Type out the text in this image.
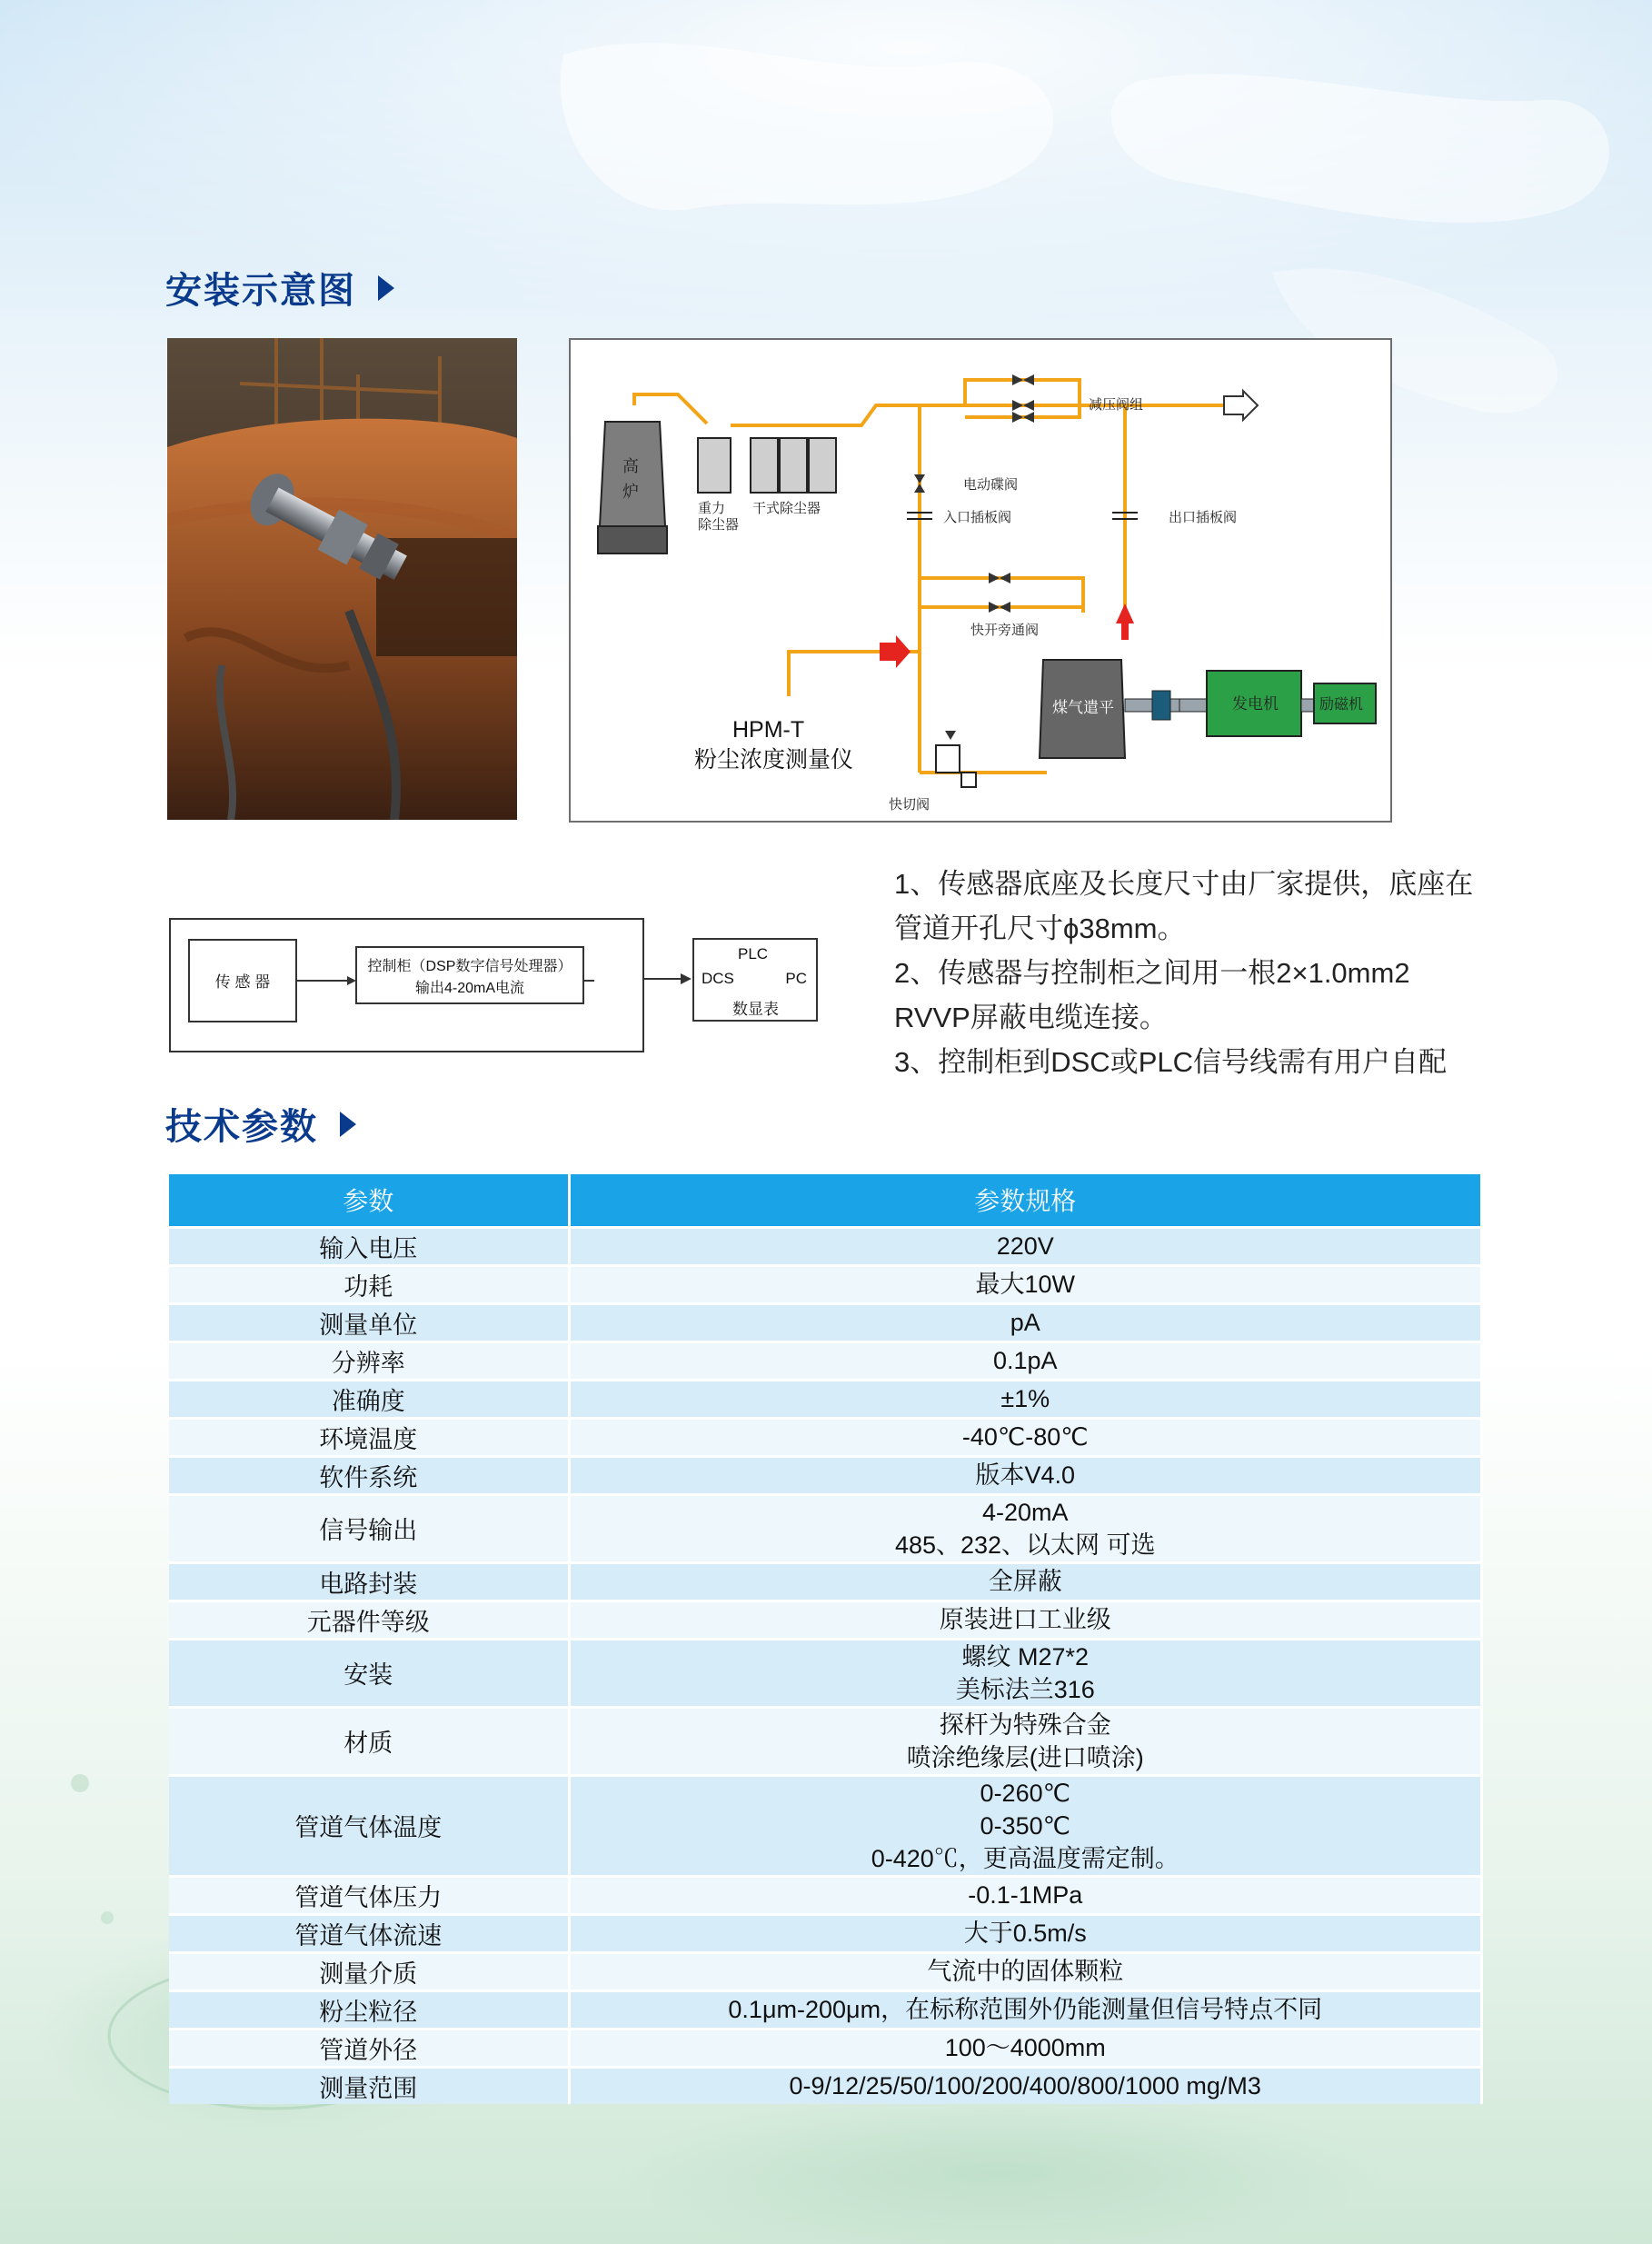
安装示意图
高
炉
重力
除尘器
干式除尘器
减压阀组
电动碟阀
入口插板阀	出口插板阀
快开旁通阀
煤气遣平	发电机	励磁机
HPM-T
粉尘浓度测量仪
快切阀
传 感 器
控制柜（DSP数字信号处理器）
输出4-20mA电流
PLC
DCS	PC
数显表

1、传感器底座及长度尺寸由厂家提供，底座在

管道开孔尺寸ϕ38mm。

2、传感器与控制柜之间用一根2×1.0mm2

RVVP屏蔽电缆连接。

3、控制柜到DSC或PLC信号线需有用户自配

技术参数
参数	参数规格
输入电压	220V

功耗	最大10W

测量单位	pA

分辨率	0.1pA

准确度	±1%

环境温度	-40℃-80℃

软件系统	版本V4.0

信号输出	4-20mA
485、232、以太网 可选

电路封装	全屏蔽

元器件等级	原装进口工业级

安装	螺纹 M27*2
美标法兰316

材质	探杆为特殊合金
喷涂绝缘层(进口喷涂)

管道气体温度	0-260℃
0-350℃
0-420℃，更高温度需定制。

管道气体压力	-0.1-1MPa

管道气体流速	大于0.5m/s

测量介质	气流中的固体颗粒

粉尘粒径	0.1μm-200μm，在标称范围外仍能测量但信号特点不同

管道外径	100～4000mm

测量范围	0-9/12/25/50/100/200/400/800/1000 mg/M3
